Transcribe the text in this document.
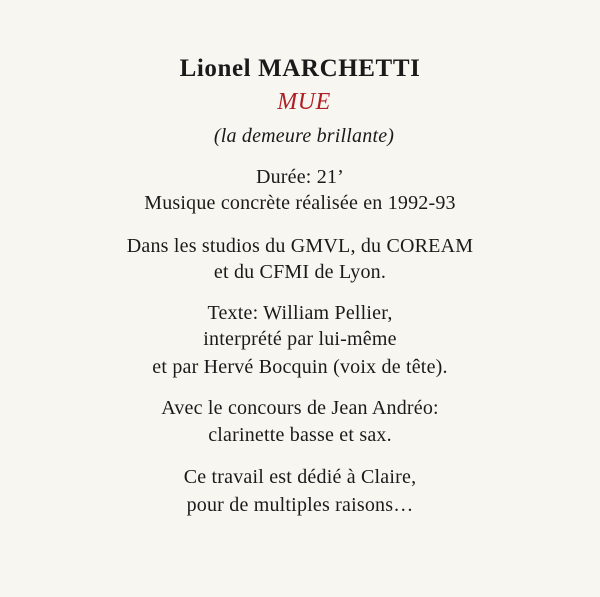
Lionel MARCHETTI
MUE
(la demeure brillante)
Durée: 21’
Musique concrète réalisée en 1992-93
Dans les studios du GMVL, du COREAM
et du CFMI de Lyon.
Texte: William Pellier,
interprété par lui-même
et par Hervé Bocquin (voix de tête).
Avec le concours de Jean Andréo:
clarinette basse et sax.
Ce travail est dédié à Claire,
pour de multiples raisons…
